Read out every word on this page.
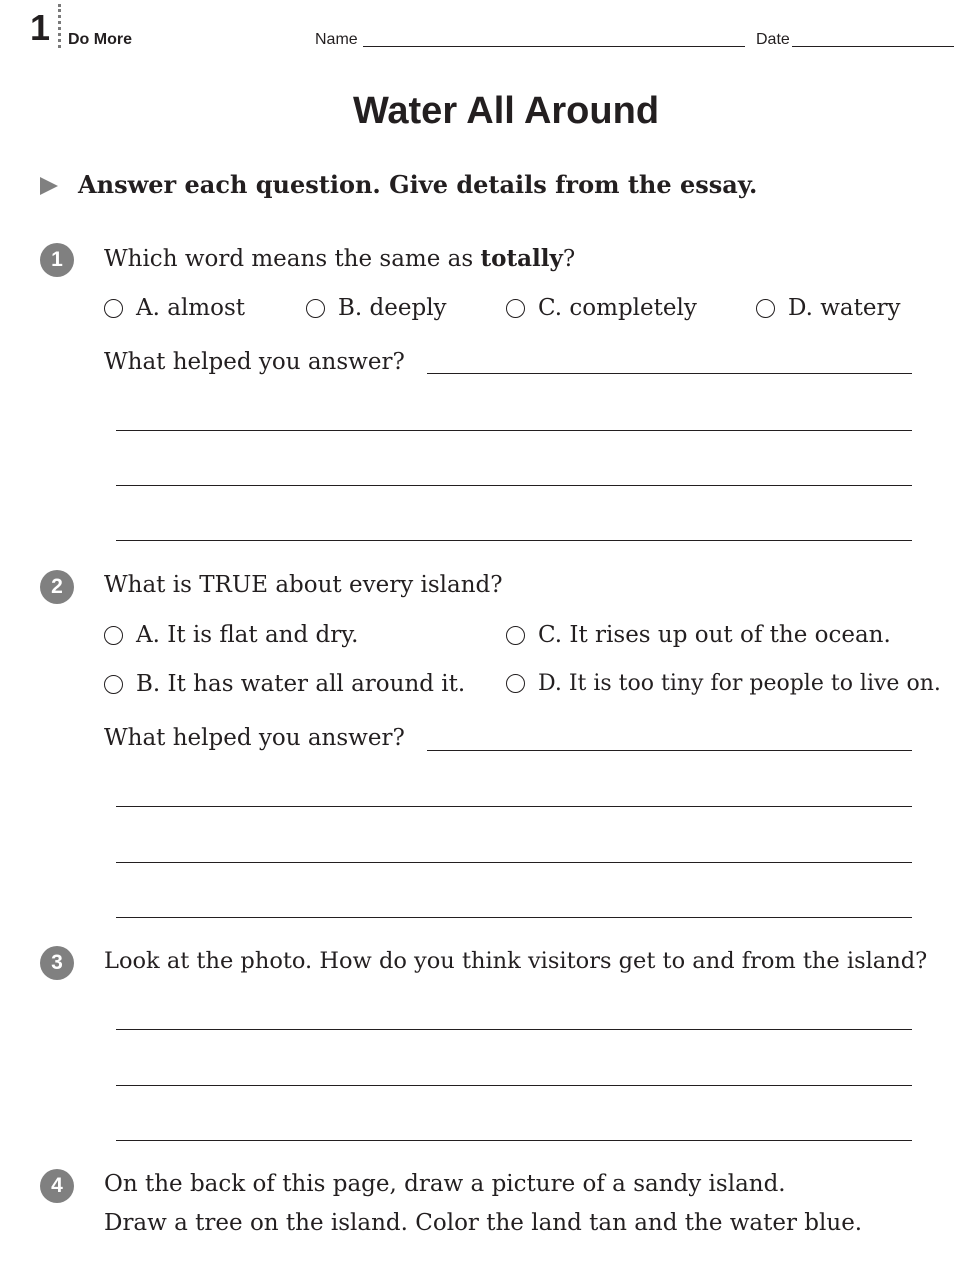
1 Do More	Name	Date
Water All Around
Answer each question. Give details from the essay.
1	Which word means the same as totally?
A. almost	B. deeply	C. completely	D. watery
What helped you answer?
2	What is TRUE about every island?
A. It is flat and dry.	C. It rises up out of the ocean.
B. It has water all around it.	D. It is too tiny for people to live on.
What helped you answer?
3	Look at the photo. How do you think visitors get to and from the island?
4	On the back of this page, draw a picture of a sandy island.
Draw a tree on the island. Color the land tan and the water blue.
